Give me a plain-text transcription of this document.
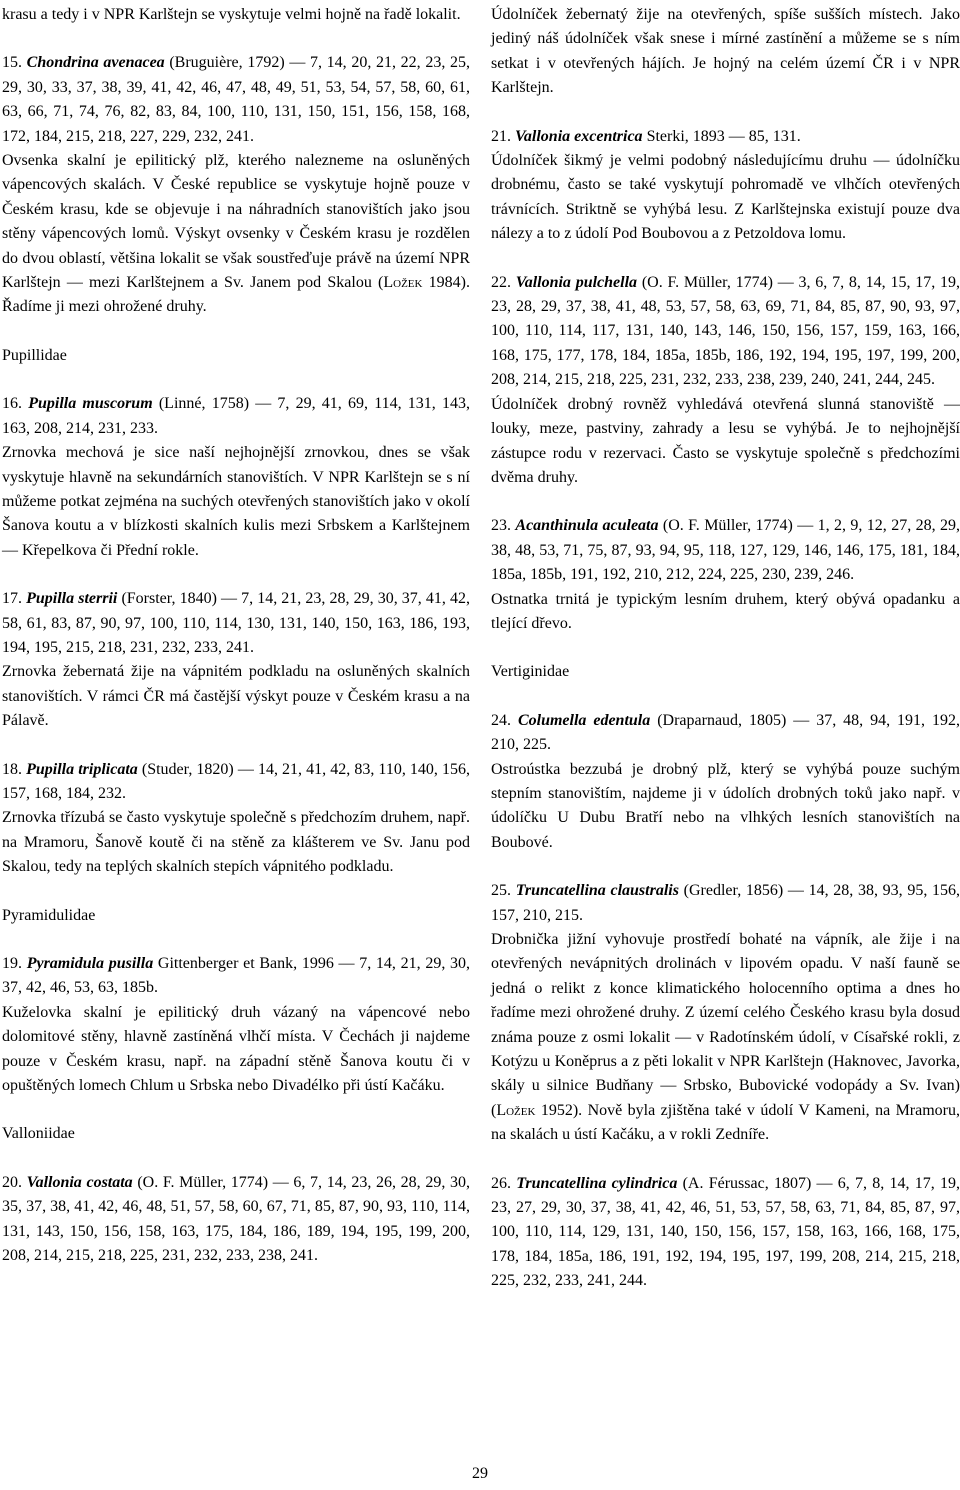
krasu a tedy i v NPR Karlštejn se vyskytuje velmi hojně na řadě lokalit.

15. Chondrina avenacea (Bruguière, 1792) — 7, 14, 20, 21, 22, 23, 25, 29, 30, 33, 37, 38, 39, 41, 42, 46, 47, 48, 49, 51, 53, 54, 57, 58, 60, 61, 63, 66, 71, 74, 76, 82, 83, 84, 100, 110, 131, 150, 151, 156, 158, 168, 172, 184, 215, 218, 227, 229, 232, 241.

Ovsenka skalní je epilitický plž, kterého nalezneme na osluněných vápencových skalách. V České republice se vyskytuje hojně pouze v Českém krasu, kde se objevuje i na náhradních stanovištích jako jsou stěny vápencových lomů. Výskyt ovsenky v Českém krasu je rozdělen do dvou oblastí, většina lokalit se však soustřeďuje právě na území NPR Karlštejn — mezi Karlštejnem a Sv. Janem pod Skalou (Ložek 1984). Řadíme ji mezi ohrožené druhy.

Pupillidae

16. Pupilla muscorum (Linné, 1758) — 7, 29, 41, 69, 114, 131, 143, 163, 208, 214, 231, 233.

Zrnovka mechová je sice naší nejhojnější zrnovkou, dnes se však vyskytuje hlavně na sekundárních stanovištích. V NPR Karlštejn se s ní můžeme potkat zejména na suchých otevřených stanovištích jako v okolí Šanova koutu a v blízkosti skalních kulis mezi Srbskem a Karlštejnem — Křepelkova či Přední rokle.

17. Pupilla sterrii (Forster, 1840) — 7, 14, 21, 23, 28, 29, 30, 37, 41, 42, 58, 61, 83, 87, 90, 97, 100, 110, 114, 130, 131, 140, 150, 163, 186, 193, 194, 195, 215, 218, 231, 232, 233, 241.

Zrnovka žebernatá žije na vápnitém podkladu na osluněných skalních stanovištích. V rámci ČR má častější výskyt pouze v Českém krasu a na Pálavě.

18. Pupilla triplicata (Studer, 1820) — 14, 21, 41, 42, 83, 110, 140, 156, 157, 168, 184, 232.

Zrnovka třízubá se často vyskytuje společně s předchozím druhem, např. na Mramoru, Šanově koutě či na stěně za klášterem ve Sv. Janu pod Skalou, tedy na teplých skalních stepích vápnitého podkladu.

Pyramidulidae

19. Pyramidula pusilla Gittenberger et Bank, 1996 — 7, 14, 21, 29, 30, 37, 42, 46, 53, 63, 185b.

Kuželovka skalní je epilitický druh vázaný na vápencové nebo dolomitové stěny, hlavně zastíněná vlhčí místa. V Čechách ji najdeme pouze v Českém krasu, např. na západní stěně Šanova koutu či v opuštěných lomech Chlum u Srbska nebo Divadélko při ústí Kačáku.

Valloniidae

20. Vallonia costata (O. F. Müller, 1774) — 6, 7, 14, 23, 26, 28, 29, 30, 35, 37, 38, 41, 42, 46, 48, 51, 57, 58, 60, 67, 71, 85, 87, 90, 93, 110, 114, 131, 143, 150, 156, 158, 163, 175, 184, 186, 189, 194, 195, 199, 200, 208, 214, 215, 218, 225, 231, 232, 233, 238, 241.

Údolníček žebernatý žije na otevřených, spíše sušších místech. Jako jediný náš údolníček však snese i mírné zastínění a můžeme se s ním setkat i v otevřených hájích. Je hojný na celém území ČR i v NPR Karlštejn.

21. Vallonia excentrica Sterki, 1893 — 85, 131.

Údolníček šikmý je velmi podobný následujícímu druhu — údolníčku drobnému, často se také vyskytují pohromadě ve vlhčích otevřených trávnících. Striktně se vyhýbá lesu. Z Karlštejnska existují pouze dva nálezy a to z údolí Pod Boubovou a z Petzoldova lomu.

22. Vallonia pulchella (O. F. Müller, 1774) — 3, 6, 7, 8, 14, 15, 17, 19, 23, 28, 29, 37, 38, 41, 48, 53, 57, 58, 63, 69, 71, 84, 85, 87, 90, 93, 97, 100, 110, 114, 117, 131, 140, 143, 146, 150, 156, 157, 159, 163, 166, 168, 175, 177, 178, 184, 185a, 185b, 186, 192, 194, 195, 197, 199, 200, 208, 214, 215, 218, 225, 231, 232, 233, 238, 239, 240, 241, 244, 245.

Údolníček drobný rovněž vyhledává otevřená slunná stanoviště — louky, meze, pastviny, zahrady a lesu se vyhýbá. Je to nejhojnější zástupce rodu v rezervaci. Často se vyskytuje společně s předchozími dvěma druhy.

23. Acanthinula aculeata (O. F. Müller, 1774) — 1, 2, 9, 12, 27, 28, 29, 38, 48, 53, 71, 75, 87, 93, 94, 95, 118, 127, 129, 146, 146, 175, 181, 184, 185a, 185b, 191, 192, 210, 212, 224, 225, 230, 239, 246.

Ostnatka trnitá je typickým lesním druhem, který obývá opadanku a tlející dřevo.

Vertiginidae

24. Columella edentula (Draparnaud, 1805) — 37, 48, 94, 191, 192, 210, 225.

Ostroústka bezzubá je drobný plž, který se vyhýbá pouze suchým stepním stanovištím, najdeme ji v údolích drobných toků jako např. v údolíčku U Dubu Bratří nebo na vlhkých lesních stanovištích na Boubové.

25. Truncatellina claustralis (Gredler, 1856) — 14, 28, 38, 93, 95, 156, 157, 210, 215.

Drobnička jižní vyhovuje prostředí bohaté na vápník, ale žije i na otevřených nevápnitých drolinách v lipovém opadu. V naší fauně se jedná o relikt z konce klimatického holocenního optima a dnes ho řadíme mezi ohrožené druhy. Z území celého Českého krasu byla dosud známa pouze z osmi lokalit — v Radotínském údolí, v Císařské rokli, z Kotýzu u Koněprus a z pěti lokalit v NPR Karlštejn (Haknovec, Javorka, skály u silnice Budňany — Srbsko, Bubovické vodopády a Sv. Ivan) (Ložek 1952). Nově byla zjištěna také v údolí V Kameni, na Mramoru, na skalách u ústí Kačáku, a v rokli Zedníře.

26. Truncatellina cylindrica (A. Férussac, 1807) — 6, 7, 8, 14, 17, 19, 23, 27, 29, 30, 37, 38, 41, 42, 46, 51, 53, 57, 58, 63, 71, 84, 85, 87, 97, 100, 110, 114, 129, 131, 140, 150, 156, 157, 158, 163, 166, 168, 175, 178, 184, 185a, 186, 191, 192, 194, 195, 197, 199, 208, 214, 215, 218, 225, 232, 233, 241, 244.

29
